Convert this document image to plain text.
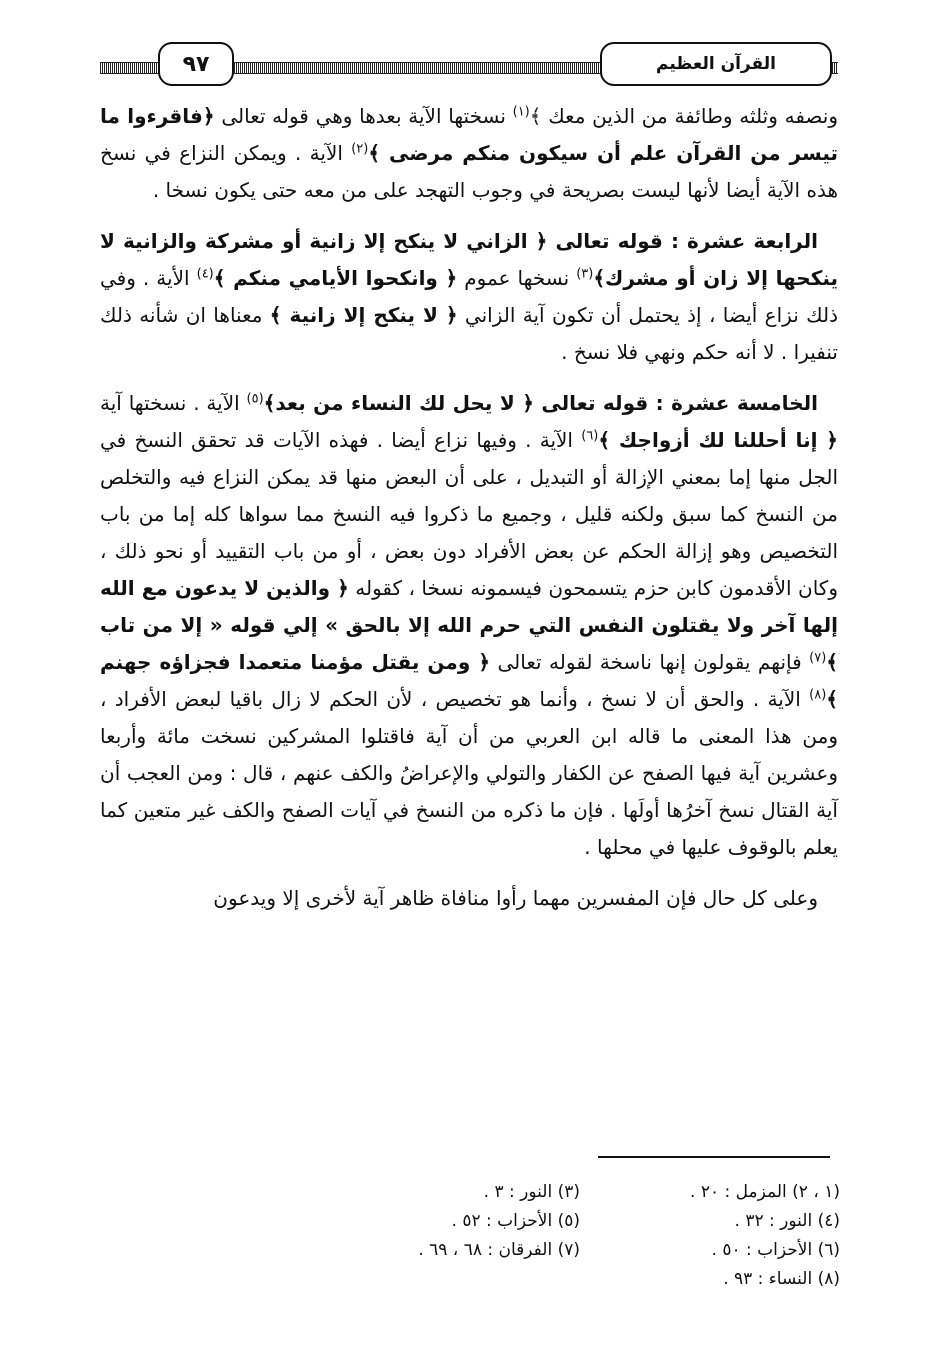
٩٧	القرآن العظيم

ونصفه وثلثه وطائفة من الذين معك ﴾$^{(١)}$ نسختها الآية بعدها وهي قوله تعالى ﴿فاقرءوا ما تيسر من القرآن علم أن سيكون منكم مرضى ﴾$^{(٢)}$ الآية . ويمكن النزاع في نسخ هذه الآية أيضا لأنها ليست بصريحة في وجوب التهجد على من معه حتى يكون نسخا .

الرابعة عشرة : قوله تعالى ﴿ الزاني لا ينكح إلا زانية أو مشركة والزانية لا ينكحها إلا زان أو مشرك﴾$^{(٣)}$ نسخها عموم ﴿ وانكحوا الأيامي منكم ﴾$^{(٤)}$ الأية . وفي ذلك نزاع أيضا ، إذ يحتمل أن تكون آية الزاني ﴿ لا ينكح إلا زانية ﴾ معناها ان شأنه ذلك تنفيرا . لا أنه حكم ونهي فلا نسخ .

الخامسة عشرة : قوله تعالى ﴿ لا يحل لك النساء من بعد﴾$^{(٥)}$ الآية . نسختها آية ﴿ إنا أحللنا لك أزواجك ﴾$^{(٦)}$ الآية . وفيها نزاع أيضا . فهذه الآيات قد تحقق النسخ في الجل منها إما بمعني الإزالة أو التبديل ، على أن البعض منها قد يمكن النزاع فيه والتخلص من النسخ كما سبق ولكنه قليل ، وجميع ما ذكروا فيه النسخ مما سواها كله إما من باب التخصيص وهو إزالة الحكم عن بعض الأفراد دون بعض ، أو من باب التقييد أو نحو ذلك ، وكان الأقدمون كابن حزم يتسمحون فيسمونه نسخا ، كقوله ﴿ والذين لا يدعون مع الله إلها آخر ولا يقتلون النفس التي حرم الله إلا بالحق » إلي قوله « إلا من تاب ﴾$^{(٧)}$ فإنهم يقولون إنها ناسخة لقوله تعالى ﴿ ومن يقتل مؤمنا متعمدا فجزاؤه جهنم ﴾$^{(٨)}$ الآية . والحق أن لا نسخ ، وأنما هو تخصيص ، لأن الحكم لا زال باقيا لبعض الأفراد ، ومن هذا المعنى ما قاله ابن العربي من أن آية فاقتلوا المشركين نسخت مائة وأربعا وعشرين آية فيها الصفح عن الكفار والتولي والإعراضُ والكف عنهم ، قال : ومن العجب أن آية القتال نسخ آخرُها أولَها . فإن ما ذكره من النسخ في آيات الصفح والكف غير متعين كما يعلم بالوقوف عليها في محلها .

وعلى كل حال فإن المفسرين مهما رأوا منافاة ظاهر آية لأخرى إلا ويدعون

(١ ، ٢) المزمل : ٢٠ .
(٣) النور : ٣ .
(٤) النور : ٣٢ .
(٥) الأحزاب : ٥٢ .
(٦) الأحزاب : ٥٠ .
(٧) الفرقان : ٦٨ ، ٦٩ .
(٨) النساء : ٩٣ .
